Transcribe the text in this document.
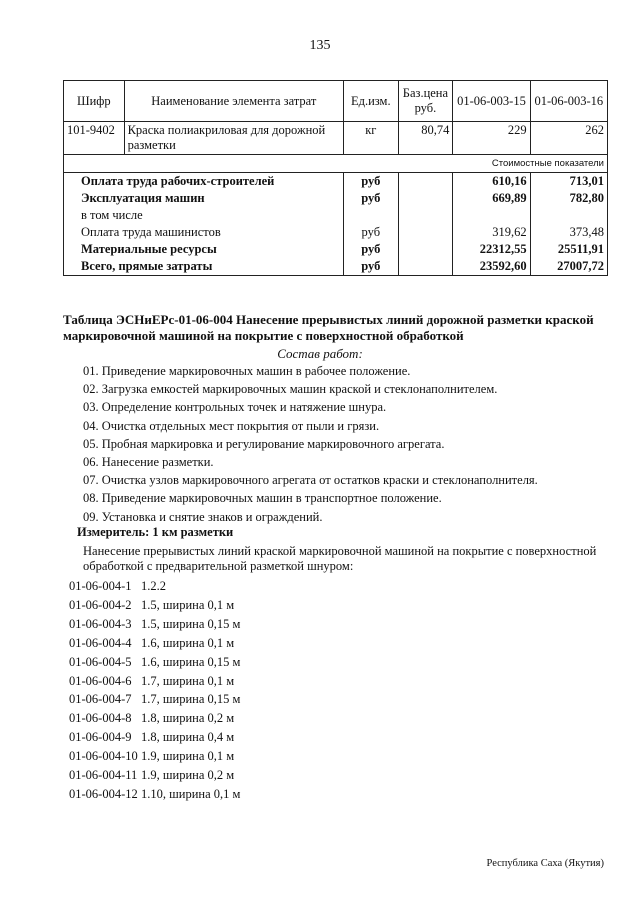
135
Шифр	Наименование элемента затрат	Ед.изм.	Баз.цена руб.	01-06-003-15	01-06-003-16
101-9402	Краска полиакриловая для дорожной разметки	кг	80,74	229	262
Стоимостные показатели					
Оплата труда рабочих-строителей		руб		610,16	713,01
Эксплуатация машин		руб		669,89	782,80
в том числе					
Оплата труда машинистов		руб		319,62	373,48
Материальные ресурсы		руб		22312,55	25511,91
Всего, прямые затраты		руб		23592,60	27007,72
Таблица ЭСНиЕРс-01-06-004 Нанесение прерывистых линий дорожной разметки краской маркировочной машиной на покрытие с поверхностной обработкой
Состав работ:
01. Приведение маркировочных машин в рабочее положение.
02. Загрузка емкостей маркировочных машин краской и стеклонаполнителем.
03. Определение контрольных точек и натяжение шнура.
04. Очистка отдельных мест покрытия от пыли и грязи.
05. Пробная маркировка и регулирование маркировочного агрегата.
06. Нанесение разметки.
07. Очистка узлов маркировочного агрегата от остатков краски и стеклонаполнителя.
08. Приведение маркировочных машин в транспортное положение.
09. Установка и снятие знаков и ограждений.
Измеритель: 1 км разметки
Нанесение прерывистых линий краской маркировочной машиной на покрытие с поверхностной обработкой с предварительной разметкой шнуром:
01-06-004-1 1.2.2
01-06-004-2 1.5, ширина 0,1 м
01-06-004-3 1.5, ширина 0,15 м
01-06-004-4 1.6, ширина 0,1 м
01-06-004-5 1.6, ширина 0,15 м
01-06-004-6 1.7, ширина 0,1 м
01-06-004-7 1.7, ширина 0,15 м
01-06-004-8 1.8, ширина 0,2 м
01-06-004-9 1.8, ширина 0,4 м
01-06-004-10 1.9, ширина 0,1 м
01-06-004-11 1.9, ширина 0,2 м
01-06-004-12 1.10, ширина 0,1 м
Республика Саха (Якутия)
